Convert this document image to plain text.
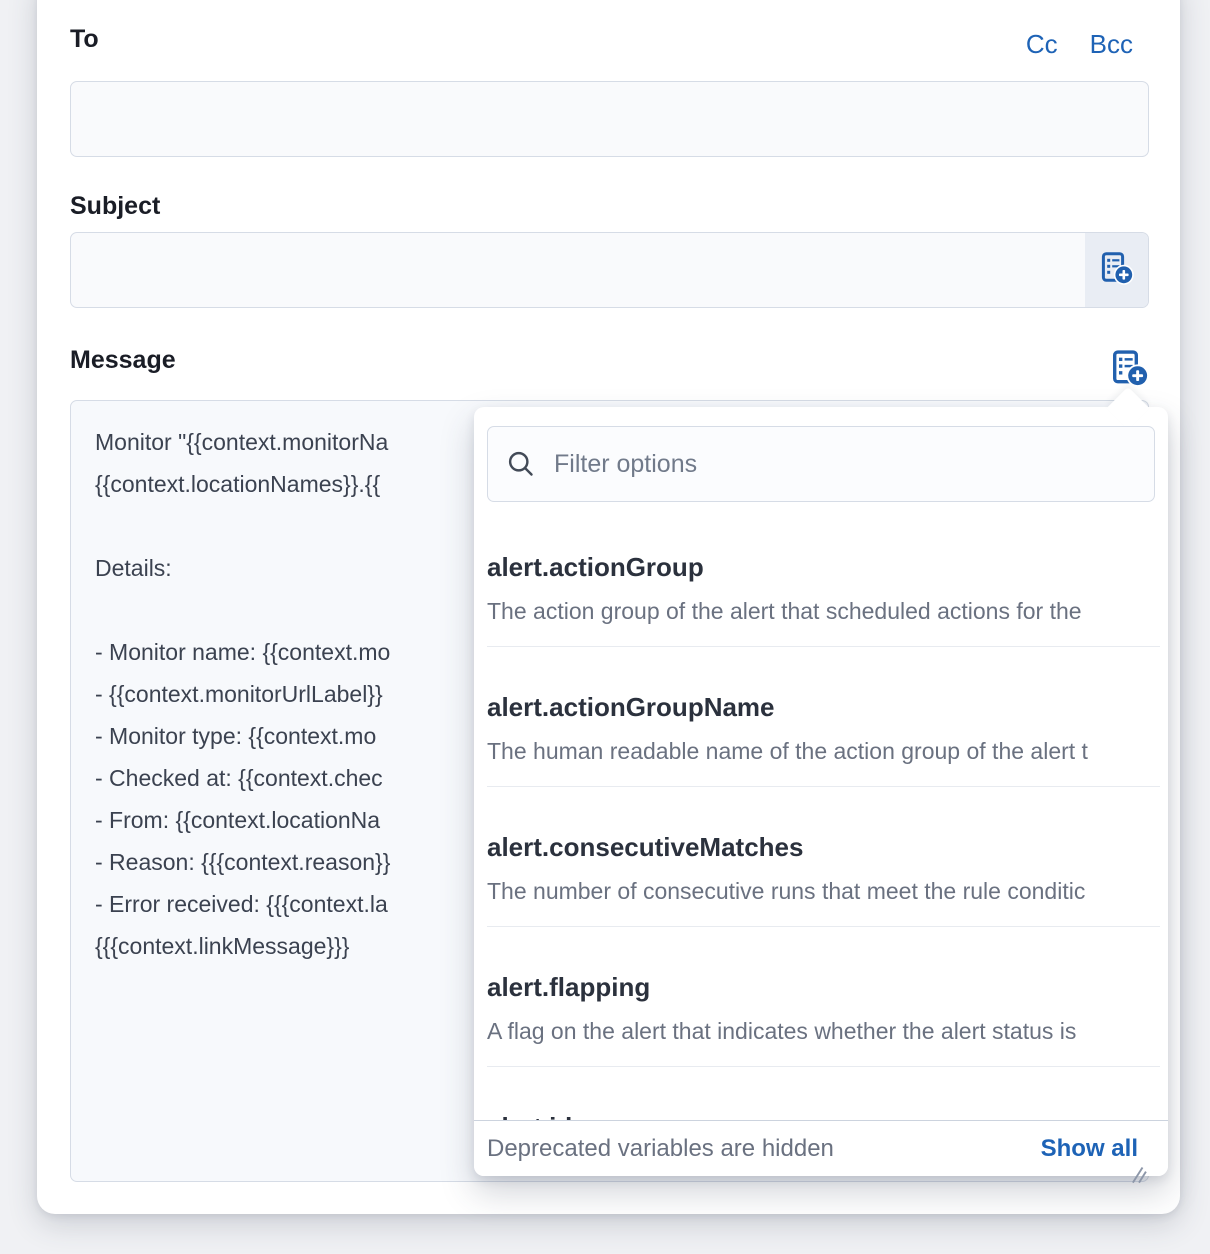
To	Cc Bcc
Subject
Message
Monitor "{{context.monitorNa
{{context.locationNames}}.{{
Details:
- Monitor name: {{context.mo
- {{context.monitorUrlLabel}}
- Monitor type: {{context.mo
- Checked at: {{context.chec
- From: {{context.locationNa
- Reason: {{{context.reason}}
- Error received: {{{context.la
{{{context.linkMessage}}}
Filter options
alert.actionGroup
The action group of the alert that scheduled actions for the
alert.actionGroupName
The human readable name of the action group of the alert t
alert.consecutiveMatches
The number of consecutive runs that meet the rule conditic
alert.flapping
A flag on the alert that indicates whether the alert status is
Deprecated variables are hidden	Show all
